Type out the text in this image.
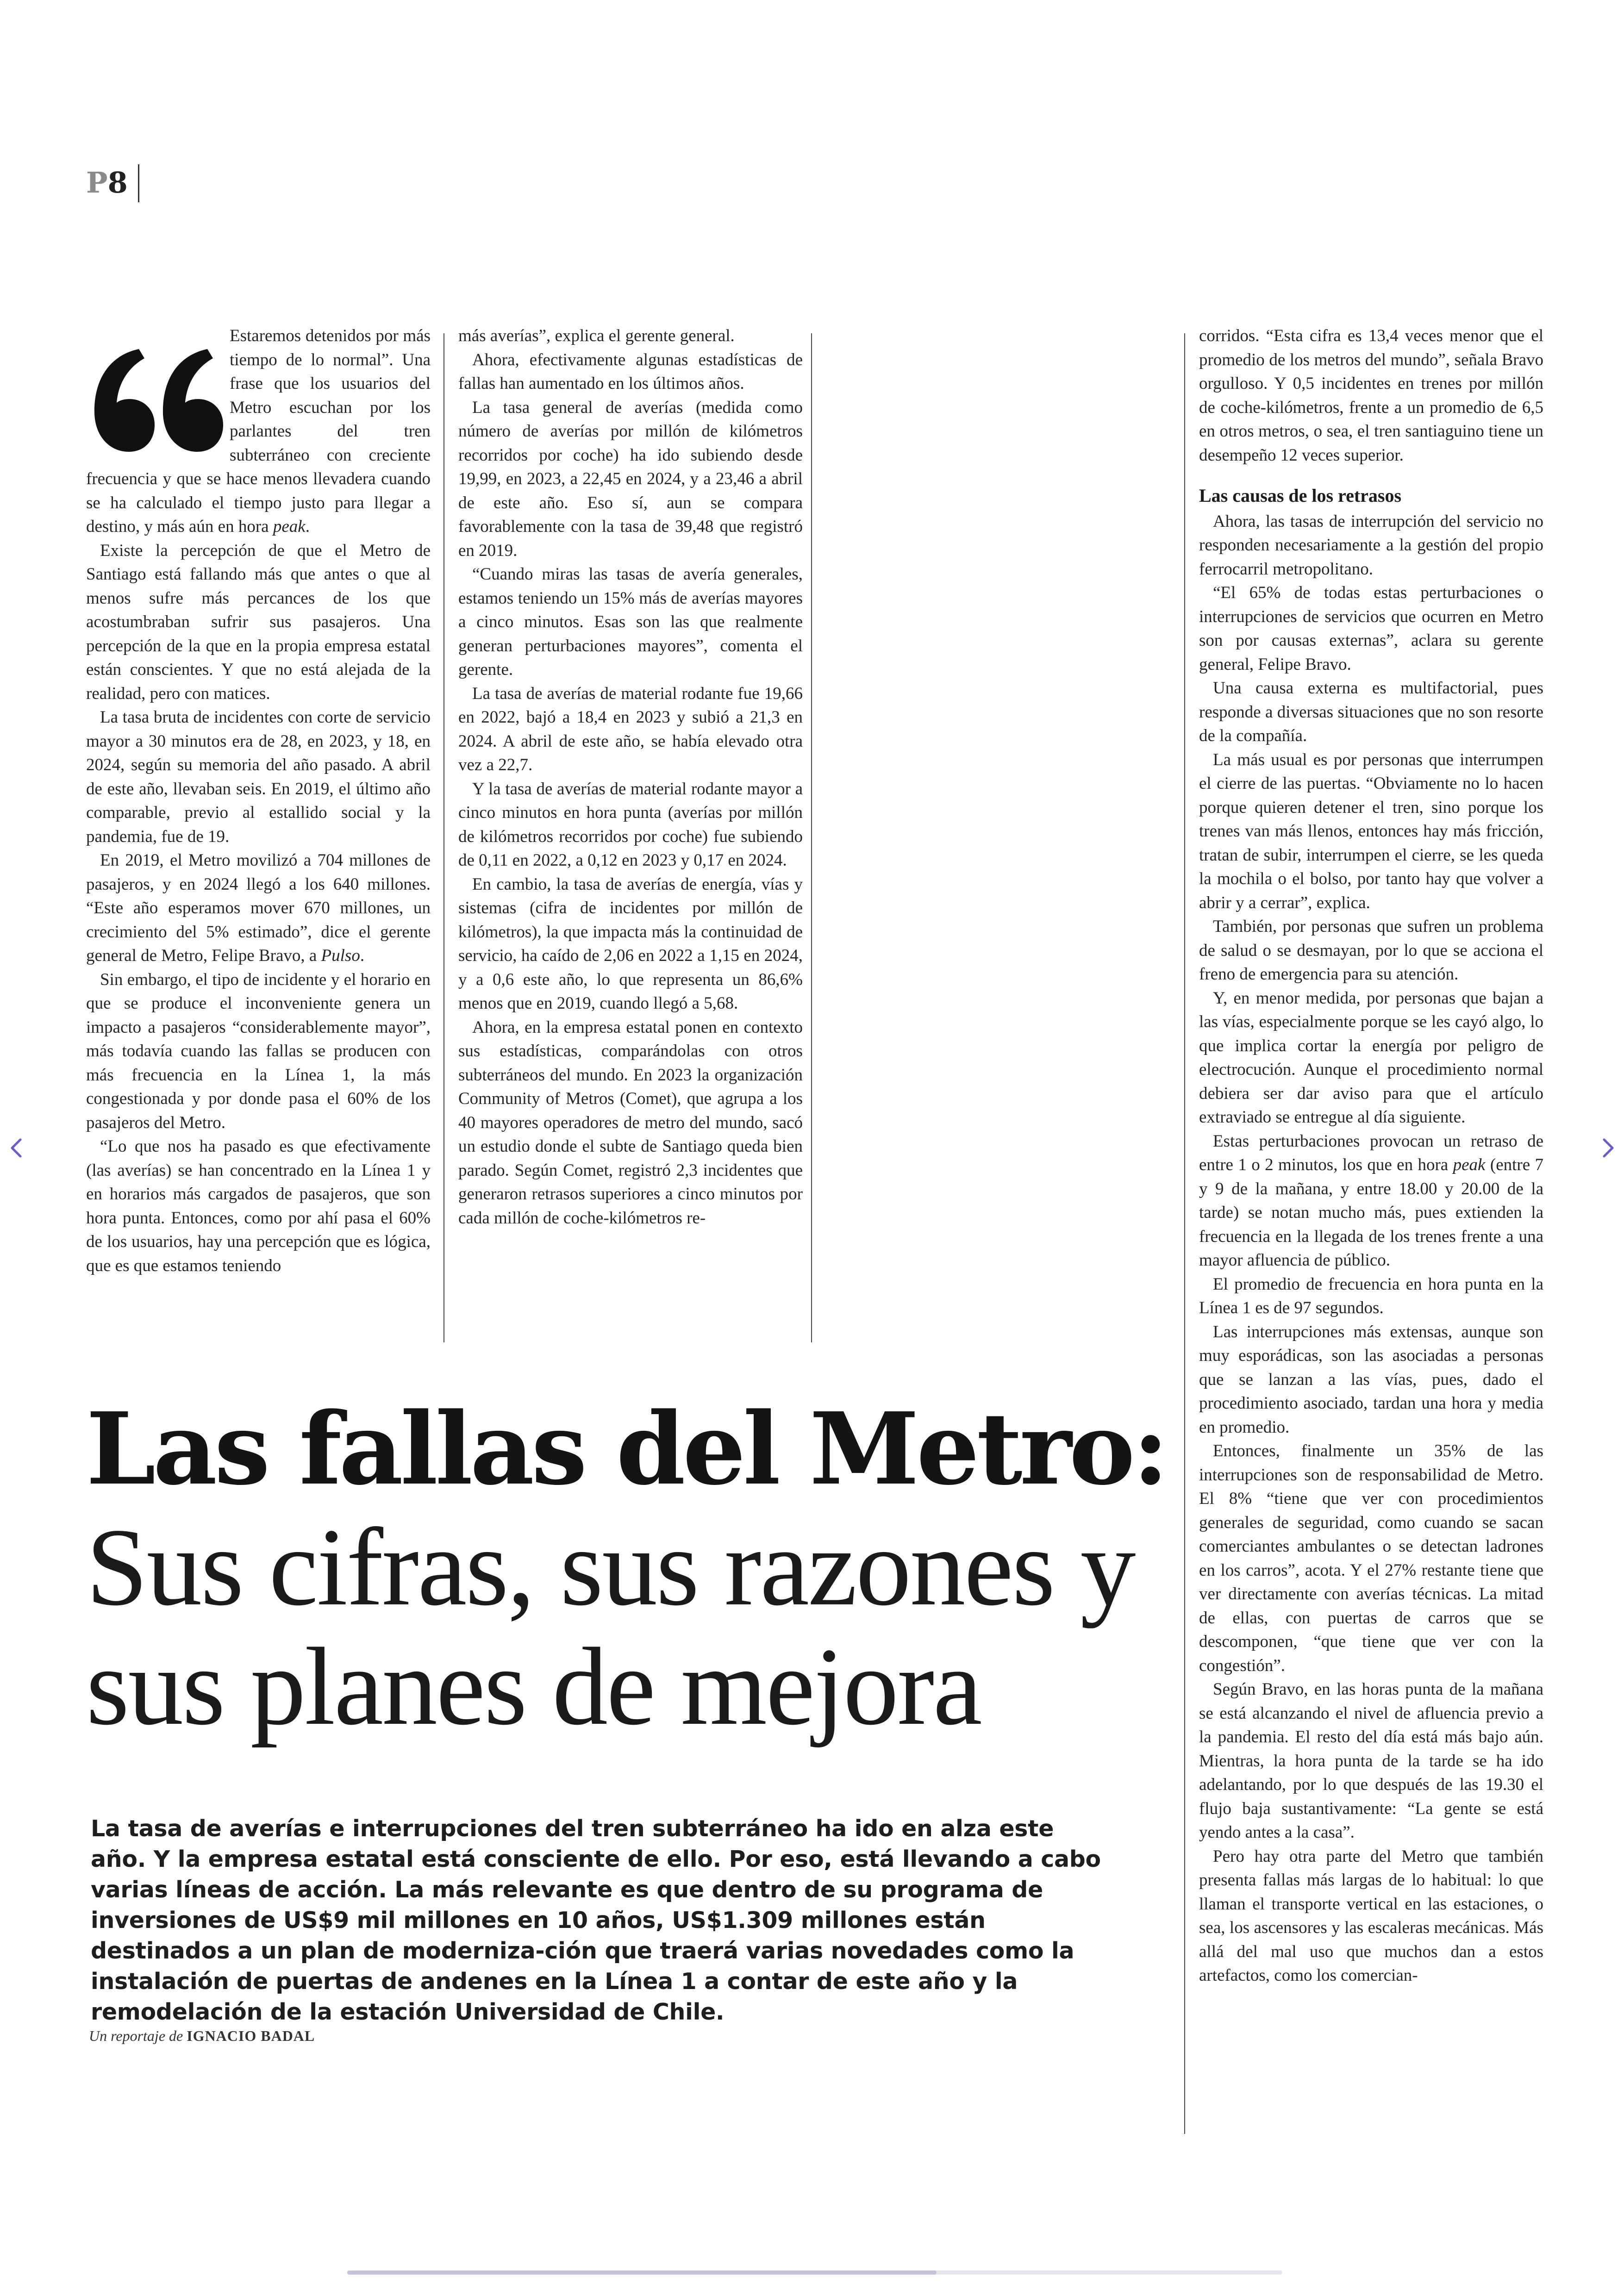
P8

Estaremos detenidos por más tiempo de lo normal”. Una frase que los usuarios del Metro escuchan por los parlantes del tren subterráneo con creciente frecuencia y que se hace menos llevadera cuando se ha calculado el tiempo justo para llegar a destino, y más aún en hora peak.

Existe la percepción de que el Metro de Santiago está fallando más que antes o que al menos sufre más percances de los que acostumbraban sufrir sus pasajeros. Una percepción de la que en la propia empresa estatal están conscientes. Y que no está alejada de la realidad, pero con matices.

La tasa bruta de incidentes con corte de servicio mayor a 30 minutos era de 28, en 2023, y 18, en 2024, según su memoria del año pasado. A abril de este año, llevaban seis. En 2019, el último año comparable, previo al estallido social y la pandemia, fue de 19.

En 2019, el Metro movilizó a 704 millones de pasajeros, y en 2024 llegó a los 640 millones. “Este año esperamos mover 670 millones, un crecimiento del 5% estimado”, dice el gerente general de Metro, Felipe Bravo, a Pulso.

Sin embargo, el tipo de incidente y el horario en que se produce el inconveniente genera un impacto a pasajeros “considerablemente mayor”, más todavía cuando las fallas se producen con más frecuencia en la Línea 1, la más congestionada y por donde pasa el 60% de los pasajeros del Metro.

“Lo que nos ha pasado es que efectivamente (las averías) se han concentrado en la Línea 1 y en horarios más cargados de pasajeros, que son hora punta. Entonces, como por ahí pasa el 60% de los usuarios, hay una percepción que es lógica, que es que estamos teniendo

más averías”, explica el gerente general.

Ahora, efectivamente algunas estadísticas de fallas han aumentado en los últimos años.

La tasa general de averías (medida como número de averías por millón de kilómetros recorridos por coche) ha ido subiendo desde 19,99, en 2023, a 22,45 en 2024, y a 23,46 a abril de este año. Eso sí, aun se compara favorablemente con la tasa de 39,48 que registró en 2019.

“Cuando miras las tasas de avería generales, estamos teniendo un 15% más de averías mayores a cinco minutos. Esas son las que realmente generan perturbaciones mayores”, comenta el gerente.

La tasa de averías de material rodante fue 19,66 en 2022, bajó a 18,4 en 2023 y subió a 21,3 en 2024. A abril de este año, se había elevado otra vez a 22,7.

Y la tasa de averías de material rodante mayor a cinco minutos en hora punta (averías por millón de kilómetros recorridos por coche) fue subiendo de 0,11 en 2022, a 0,12 en 2023 y 0,17 en 2024.

En cambio, la tasa de averías de energía, vías y sistemas (cifra de incidentes por millón de kilómetros), la que impacta más la continuidad de servicio, ha caído de 2,06 en 2022 a 1,15 en 2024, y a 0,6 este año, lo que representa un 86,6% menos que en 2019, cuando llegó a 5,68.

Ahora, en la empresa estatal ponen en contexto sus estadísticas, comparándolas con otros subterráneos del mundo. En 2023 la organización Community of Metros (Comet), que agrupa a los 40 mayores operadores de metro del mundo, sacó un estudio donde el subte de Santiago queda bien parado. Según Comet, registró 2,3 incidentes que generaron retrasos superiores a cinco minutos por cada millón de coche-kilómetros re-

corridos. “Esta cifra es 13,4 veces menor que el promedio de los metros del mundo”, señala Bravo orgulloso. Y 0,5 incidentes en trenes por millón de coche-kilómetros, frente a un promedio de 6,5 en otros metros, o sea, el tren santiaguino tiene un desempeño 12 veces superior.

Las causas de los retrasos

Ahora, las tasas de interrupción del servicio no responden necesariamente a la gestión del propio ferrocarril metropolitano.

“El 65% de todas estas perturbaciones o interrupciones de servicios que ocurren en Metro son por causas externas”, aclara su gerente general, Felipe Bravo.

Una causa externa es multifactorial, pues responde a diversas situaciones que no son resorte de la compañía.

La más usual es por personas que interrumpen el cierre de las puertas. “Obviamente no lo hacen porque quieren detener el tren, sino porque los trenes van más llenos, entonces hay más fricción, tratan de subir, interrumpen el cierre, se les queda la mochila o el bolso, por tanto hay que volver a abrir y a cerrar”, explica.

También, por personas que sufren un problema de salud o se desmayan, por lo que se acciona el freno de emergencia para su atención.

Y, en menor medida, por personas que bajan a las vías, especialmente porque se les cayó algo, lo que implica cortar la energía por peligro de electrocución. Aunque el procedimiento normal debiera ser dar aviso para que el artículo extraviado se entregue al día siguiente.

Estas perturbaciones provocan un retraso de entre 1 o 2 minutos, los que en hora peak (entre 7 y 9 de la mañana, y entre 18.00 y 20.00 de la tarde) se notan mucho más, pues extienden la frecuencia en la llegada de los trenes frente a una mayor afluencia de público.

El promedio de frecuencia en hora punta en la Línea 1 es de 97 segundos.

Las interrupciones más extensas, aunque son muy esporádicas, son las asociadas a personas que se lanzan a las vías, pues, dado el procedimiento asociado, tardan una hora y media en promedio.

Entonces, finalmente un 35% de las interrupciones son de responsabilidad de Metro. El 8% “tiene que ver con procedimientos generales de seguridad, como cuando se sacan comerciantes ambulantes o se detectan ladrones en los carros”, acota. Y el 27% restante tiene que ver directamente con averías técnicas. La mitad de ellas, con puertas de carros que se descomponen, “que tiene que ver con la congestión”.

Según Bravo, en las horas punta de la mañana se está alcanzando el nivel de afluencia previo a la pandemia. El resto del día está más bajo aún. Mientras, la hora punta de la tarde se ha ido adelantando, por lo que después de las 19.30 el flujo baja sustantivamente: “La gente se está yendo antes a la casa”.

Pero hay otra parte del Metro que también presenta fallas más largas de lo habitual: lo que llaman el transporte vertical en las estaciones, o sea, los ascensores y las escaleras mecánicas. Más allá del mal uso que muchos dan a estos artefactos, como los comercian-

Las fallas del Metro:
Sus cifras, sus razones y
sus planes de mejora
La tasa de averías e interrupciones del tren subterráneo ha ido en alza este año. Y la empresa estatal está consciente de ello. Por eso, está llevando a cabo varias líneas de acción. La más relevante es que dentro de su programa de inversiones de US$9 mil millones en 10 años, US$1.309 millones están destinados a un plan de moderniza-ción que traerá varias novedades como la instalación de puertas de andenes en la Línea 1 a contar de este año y la remodelación de la estación Universidad de Chile.
Un reportaje de IGNACIO BADAL
